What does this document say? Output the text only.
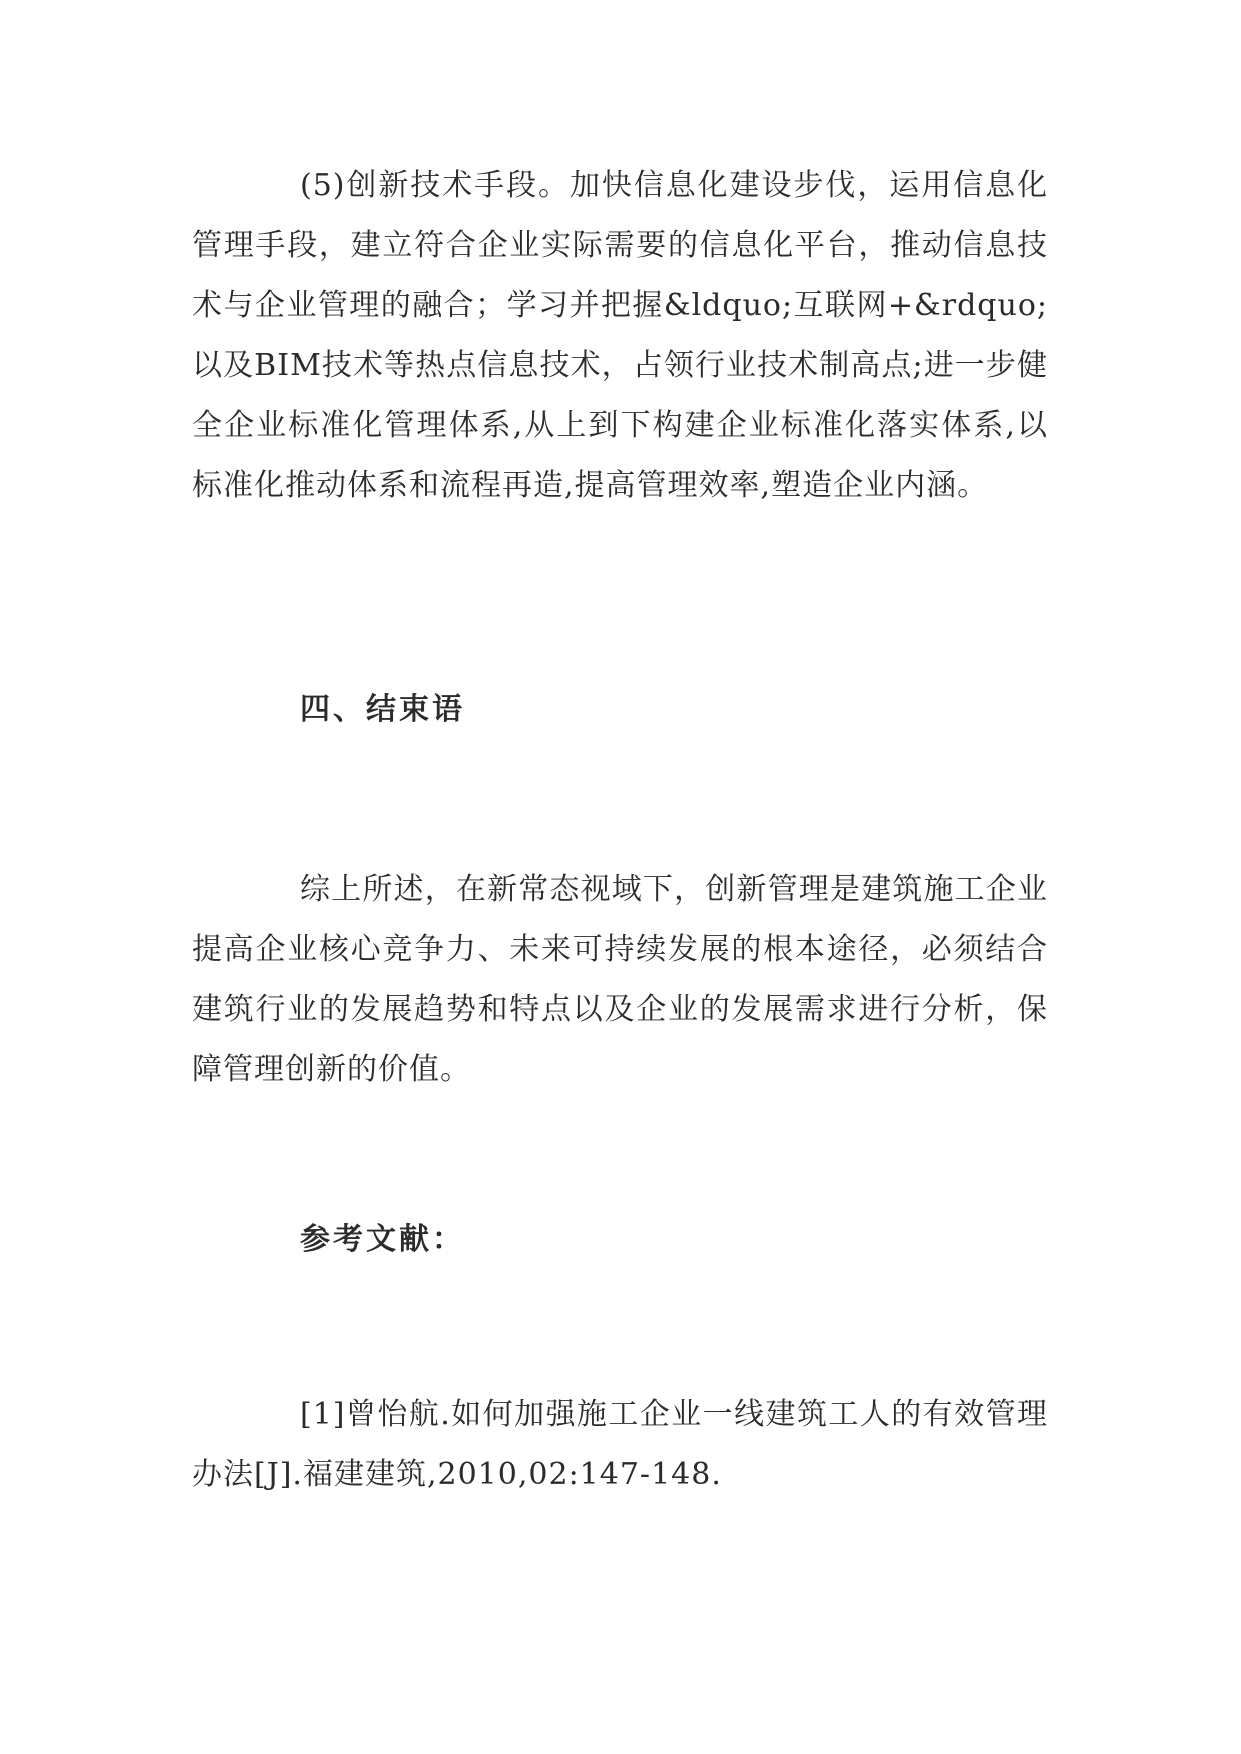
(5)创新技术手段。加快信息化建设步伐，运用信息化管理手段，建立符合企业实际需要的信息化平台，推动信息技术与企业管理的融合；学习并把握&ldquo;互联网+&rdquo;以及BIM技术等热点信息技术，占领行业技术制高点;进一步健全企业标准化管理体系,从上到下构建企业标准化落实体系,以标准化推动体系和流程再造,提高管理效率,塑造企业内涵。

四、结束语

综上所述，在新常态视域下，创新管理是建筑施工企业提高企业核心竞争力、未来可持续发展的根本途径，必须结合建筑行业的发展趋势和特点以及企业的发展需求进行分析，保障管理创新的价值。

参考文献：

[1]曾怡航.如何加强施工企业一线建筑工人的有效管理办法[J].福建建筑,2010,02:147-148.
